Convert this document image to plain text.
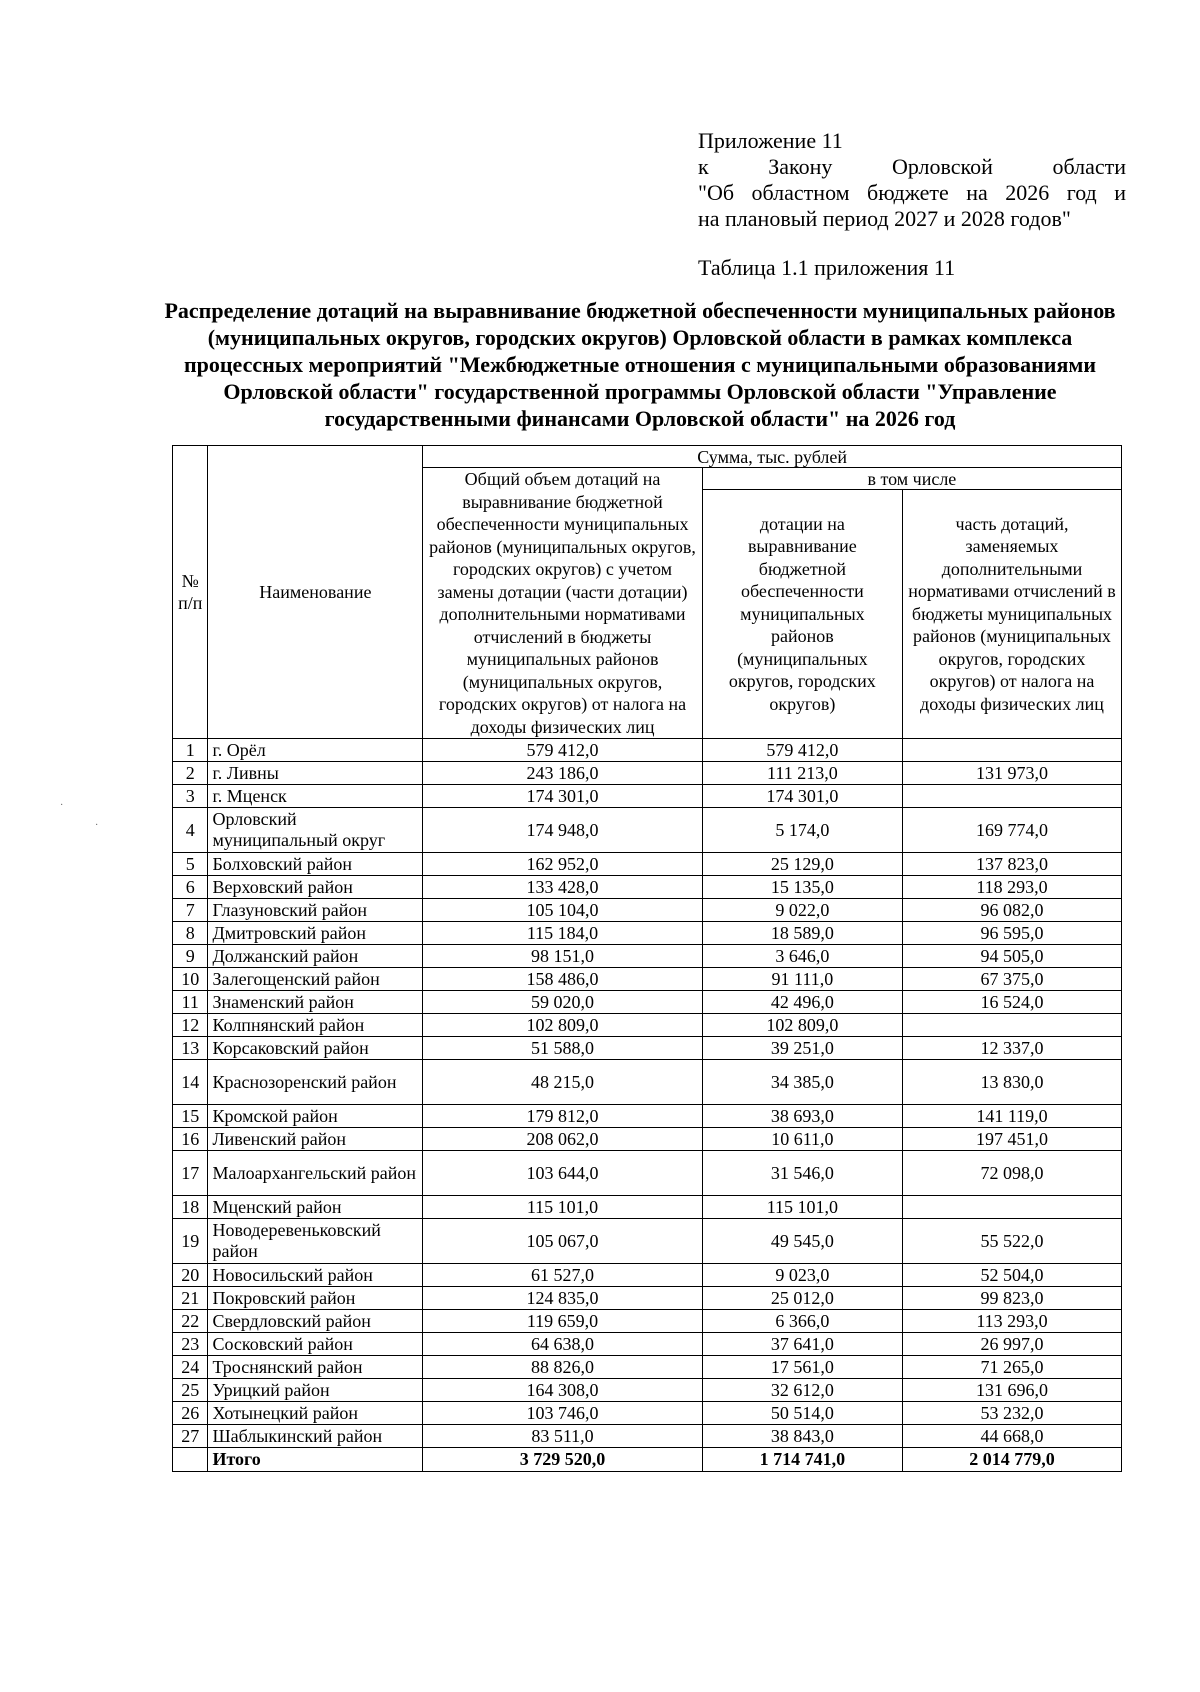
Приложение 11
к Закону Орловской области
"Об областном бюджете на 2026 год и
на плановый период 2027 и 2028 годов"
Таблица 1.1 приложения 11
Распределение дотаций на выравнивание бюджетной обеспеченности муниципальных районов (муниципальных округов, городских округов) Орловской области в рамках комплекса процессных мероприятий "Межбюджетные отношения с муниципальными образованиями Орловской области" государственной программы Орловской области "Управление государственными финансами Орловской области" на 2026 год
№ п/п	Наименование	Сумма, тыс. рублей		
		Общий объем дотаций на выравнивание бюджетной обеспеченности муниципальных районов (муниципальных округов, городских округов) с учетом замены дотации (части дотации) дополнительными нормативами отчислений в бюджеты муниципальных районов (муниципальных округов, городских округов) от налога на доходы физических лиц	в том числе	
			дотации на выравнивание бюджетной обеспеченности муниципальных районов (муниципальных округов, городских округов)	часть дотаций, заменяемых дополнительными нормативами отчислений в бюджеты муниципальных районов (муниципальных округов, городских округов) от налога на доходы физических лиц
1	г. Орёл	579 412,0	579 412,0	
2	г. Ливны	243 186,0	111 213,0	131 973,0
3	г. Мценск	174 301,0	174 301,0	
4	Орловский муниципальный округ	174 948,0	5 174,0	169 774,0
5	Болховский район	162 952,0	25 129,0	137 823,0
6	Верховский район	133 428,0	15 135,0	118 293,0
7	Глазуновский район	105 104,0	9 022,0	96 082,0
8	Дмитровский район	115 184,0	18 589,0	96 595,0
9	Должанский район	98 151,0	3 646,0	94 505,0
10	Залегощенский район	158 486,0	91 111,0	67 375,0
11	Знаменский район	59 020,0	42 496,0	16 524,0
12	Колпнянский район	102 809,0	102 809,0	
13	Корсаковский район	51 588,0	39 251,0	12 337,0
14	Краснозоренский район	48 215,0	34 385,0	13 830,0
15	Кромской район	179 812,0	38 693,0	141 119,0
16	Ливенский район	208 062,0	10 611,0	197 451,0
17	Малоархангельский район	103 644,0	31 546,0	72 098,0
18	Мценский район	115 101,0	115 101,0	
19	Новодеревеньковский район	105 067,0	49 545,0	55 522,0
20	Новосильский район	61 527,0	9 023,0	52 504,0
21	Покровский район	124 835,0	25 012,0	99 823,0
22	Свердловский район	119 659,0	6 366,0	113 293,0
23	Сосковский район	64 638,0	37 641,0	26 997,0
24	Троснянский район	88 826,0	17 561,0	71 265,0
25	Урицкий район	164 308,0	32 612,0	131 696,0
26	Хотынецкий район	103 746,0	50 514,0	53 232,0
27	Шаблыкинский район	83 511,0	38 843,0	44 668,0
	Итого	3 729 520,0	1 714 741,0	2 014 779,0
·
·
